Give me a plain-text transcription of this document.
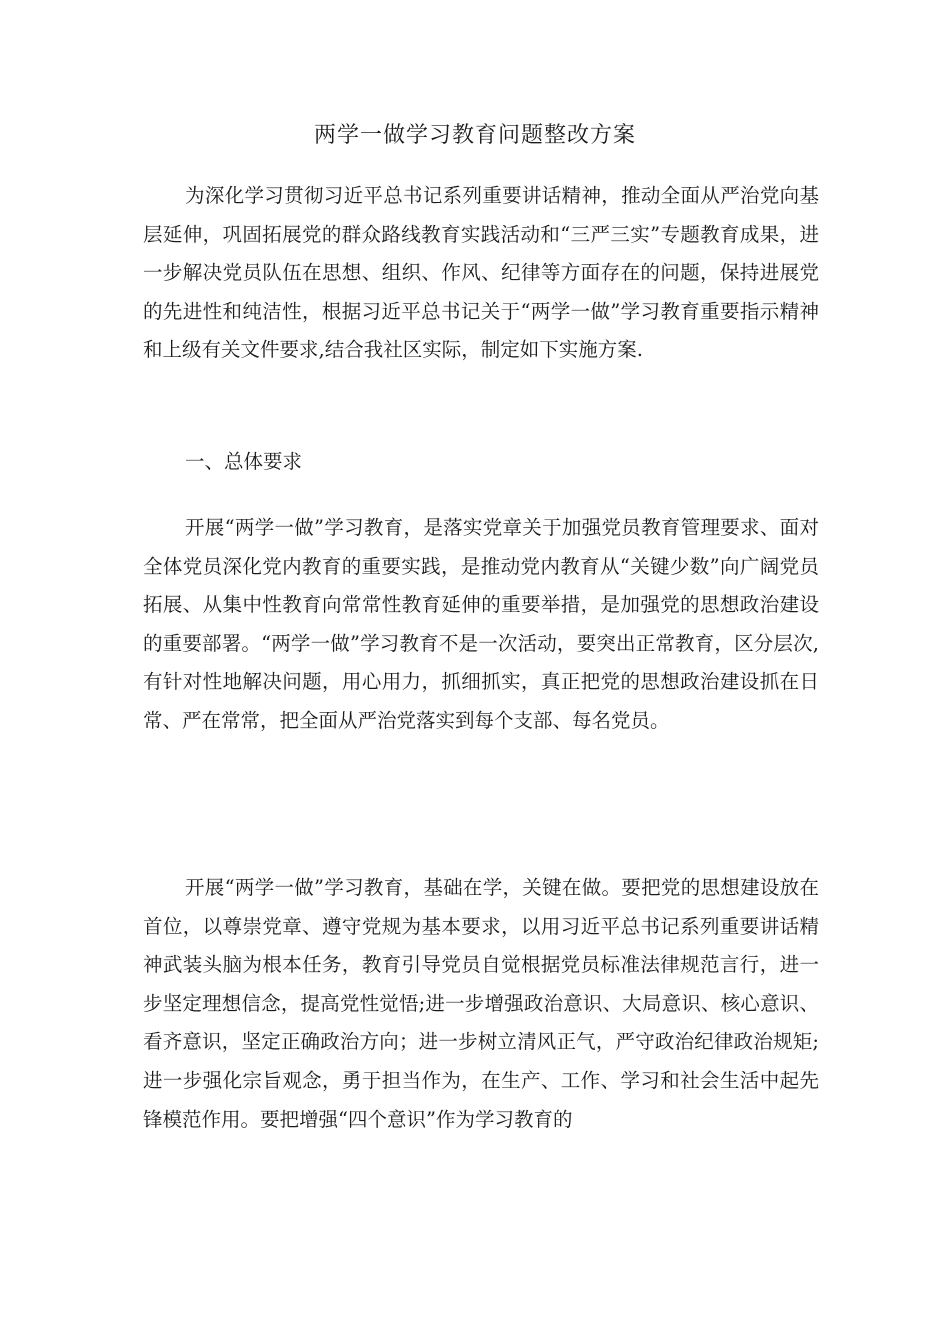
两学一做学习教育问题整改方案

为深化学习贯彻习近平总书记系列重要讲话精神，推动全面从严治党向基层延伸，巩固拓展党的群众路线教育实践活动和“三严三实”专题教育成果，进一步解决党员队伍在思想、组织、作风、纪律等方面存在的问题，保持进展党的先进性和纯洁性，根据习近平总书记关于“两学一做”学习教育重要指示精神和上级有关文件要求,结合我社区实际，制定如下实施方案.

一、总体要求

开展“两学一做”学习教育，是落实党章关于加强党员教育管理要求、面对全体党员深化党内教育的重要实践，是推动党内教育从“关键少数”向广阔党员拓展、从集中性教育向常常性教育延伸的重要举措，是加强党的思想政治建设的重要部署。“两学一做”学习教育不是一次活动，要突出正常教育，区分层次,有针对性地解决问题，用心用力，抓细抓实，真正把党的思想政治建设抓在日常、严在常常，把全面从严治党落实到每个支部、每名党员。

开展“两学一做”学习教育，基础在学，关键在做。要把党的思想建设放在首位，以尊崇党章、遵守党规为基本要求，以用习近平总书记系列重要讲话精神武装头脑为根本任务，教育引导党员自觉根据党员标准法律规范言行，进一步坚定理想信念，提高党性觉悟;进一步增强政治意识、大局意识、核心意识、看齐意识，坚定正确政治方向；进一步树立清风正气，严守政治纪律政治规矩;进一步强化宗旨观念，勇于担当作为，在生产、工作、学习和社会生活中起先锋模范作用。要把增强“四个意识”作为学习教育的
